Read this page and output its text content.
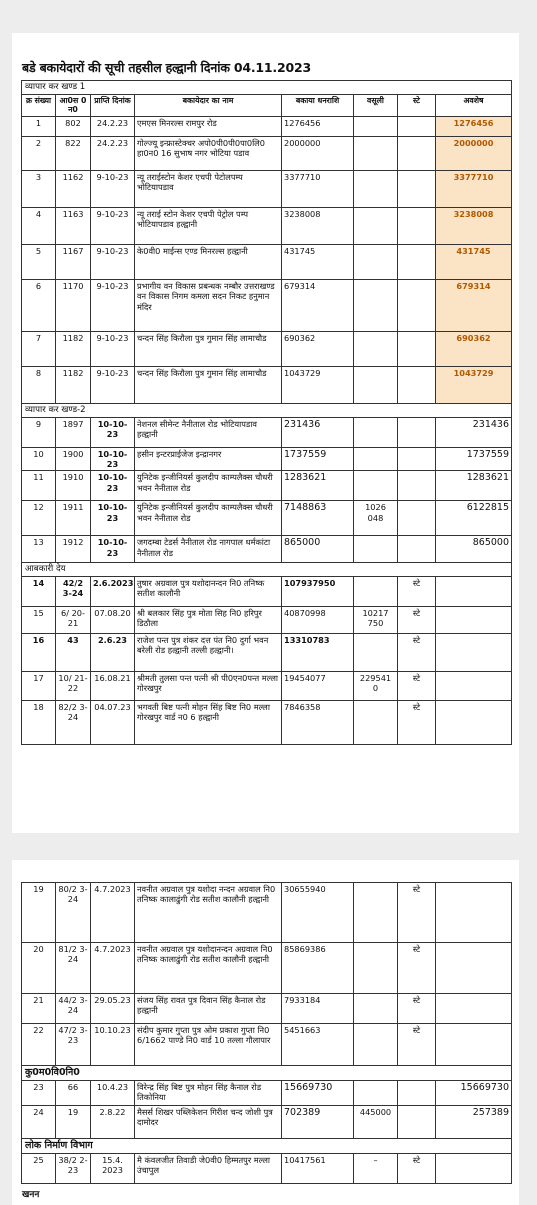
बडे बकायेदारों की सूची तहसील हल्द्वानी दिनांक 04.11.2023
व्यापार कर खण्ड 1							
क्र संख्या	आ0स 0 न0	प्राप्ति दिनांक	बकायेदार का नाम	बकाया धनराशि	वसूली	स्टे	अवशेष
1	802	24.2.23	एमएस मिनरल्स रामपुर रोड	1276456			1276456
2	822	24.2.23	गोल्ज्यू इन्फ्रास्टेक्चर अपो0पी0पी0पा0लि0 हा0न0 16 सुभाष नगर भोटिया पडाव	2000000			2000000
3	1162	9-10-23	न्यू तराईस्टोन केशर एचपी पेटोलपम्प भोटियापडाव	3377710			3377710
4	1163	9-10-23	न्यू तराई स्टोन केशर एचपी पेट्रोल पम्प भोटियापडाव हल्द्वानी	3238008			3238008
5	1167	9-10-23	के0वी0 माईन्स एण्ड मिनरल्स हल्द्वानी	431745			431745
6	1170	9-10-23	प्रभागीय वन विकास प्रबन्धक नम्बौर उत्तराखण्ड वन विकास निगम कमला सदन निकट हनुमान मंदिर	679314			679314
7	1182	9-10-23	चन्दन सिंह किरौला पुत्र गुमान सिंह लामाचौड	690362			690362
8	1182	9-10-23	चन्दन सिंह किरौला पुत्र गुमान सिंह लामाचौड	1043729			1043729
व्यापार कर खण्ड-2							
9	1897	10-10-23	नेशनल सीमेन्ट नैनीताल रोड भोटियापडाव हल्द्वानी	231436			231436
10	1900	10-10-23	हसीन इन्टरप्राईजेज इन्द्रानगर	1737559			1737559
11	1910	10-10-23	युनिटेक इन्जीनियर्स कुलदीप काम्पलैक्स चौधरी भवन नैनीताल रोड	1283621			1283621
12	1911	10-10-23	युनिटेक इन्जीनियर्स कुलदीप काम्पलैक्स चौधरी भवन नैनीताल रोड	7148863	1026 048		6122815
13	1912	10-10-23	जगदम्बा टेडर्स नैनीताल रोड नागपाल धर्मकांटा नैनीताल रोड	865000			865000
आबकारी देय							
14	42/2 3-24	2.6.2023	तुषार अग्रवाल पुत्र यशोदानन्दन नि0 तनिष्क सतीश कालौनी	107937950		स्टे	
15	6/ 20-21	07.08.20	श्री बलकार सिंह पुत्र मोता सिह नि0 हरिपुर डिठौला	40870998	10217 750	स्टे	
16	43	2.6.23	राजेश पन्त पुत्र शंकर दत्त पंत नि0 दुर्गा भवन बरेली रोड हल्द्वानी तल्ली हल्द्वानी।	13310783		स्टे	
17	10/ 21-22	16.08.21	श्रीमती तुलसा पन्त पत्नी श्री पी0एन0पन्त मल्ला गोरखपुर	19454077	229541 0	स्टे	
18	82/2 3-24	04.07.23	भगवती बिष्ट पत्नी मोहन सिंह बिष्ट नि0 मल्ला गोरखपुर वार्ड न0 6 हल्द्वानी	7846358		स्टे	
19	80/2 3-24	4.7.2023	नवनीत अग्रवाल पुत्र यशोदा नन्दन अग्रवाल नि0 तनिष्क कालाढुंगी रोड सतीश कालौनी हल्द्वानी	30655940		स्टे	
20	81/2 3-24	4.7.2023	नवनीत अग्रवाल पुत्र यशोदानन्दन अग्रवाल नि0 तनिष्क कालाढुंगी रोड सतीश कालौनी हल्द्वानी	85869386		स्टे	
21	44/2 3-24	29.05.23	संजय सिंह रावत पुत्र दिवान सिंह कैनाल रोड हल्द्वानी	7933184		स्टे	
22	47/2 3-23	10.10.23	संदीप कुमार गुप्ता पुत्र ओम प्रकाश गुप्ता नि0 6/1662 पाण्डे नि0 वार्ड 10 तल्ला गौलापार	5451663		स्टे	
कु0म0वि0नि0							
23	66	10.4.23	विरेन्द्र सिंह बिष्ट पुत्र मोहन सिंह कैनाल रोड तिकोनिया	15669730			15669730
24	19	2.8.22	मैसर्स शिखर पब्लिकेशन गिरीश चन्द जोशी पुत्र दामोदर	702389	445000		257389
लोक निर्माण विभाग							
25	38/2 2-23	15.4. 2023	मै कंवलजीत तिवाडी जे0वी0 हिम्मतपुर मल्ला उंचापुल	10417561	–	स्टे	
खनन
